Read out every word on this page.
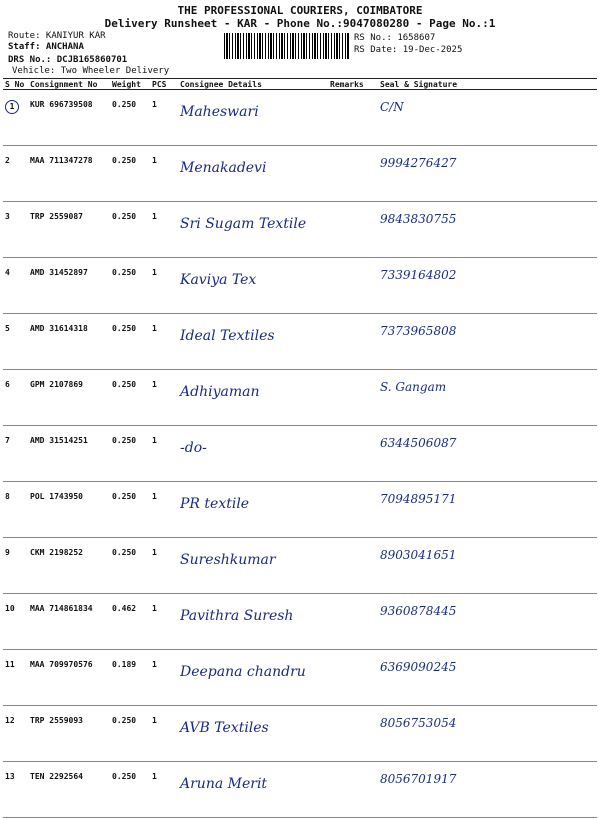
THE PROFESSIONAL COURIERS, COIMBATORE
Delivery Runsheet - KAR - Phone No.:9047080280 - Page No.:1
Route: KANIYUR KAR
Staff: ANCHANA
DRS No.: DCJB165860701
Vehicle: Two Wheeler Delivery
RS No.: 1658607
RS Date: 19-Dec-2025
S No	Consignment No	Weight	PCS	Consignee Details	Remarks	Seal & Signature
1	KUR 696739508	0.250	1	Maheswari		C/N
2	MAA 711347278	0.250	1	Menakadevi		9994276427
3	TRP 2559087	0.250	1	Sri Sugam Textile		9843830755
4	AMD 31452897	0.250	1	Kaviya Tex		7339164802
5	AMD 31614318	0.250	1	Ideal Textiles		7373965808
6	GPM 2107869	0.250	1	Adhiyaman		S. Gangam
7	AMD 31514251	0.250	1	-do-		6344506087
8	POL 1743950	0.250	1	PR textile		7094895171
9	CKM 2198252	0.250	1	Sureshkumar		8903041651
10	MAA 714861834	0.462	1	Pavithra Suresh		9360878445
11	MAA 709970576	0.189	1	Deepana chandru		6369090245
12	TRP 2559093	0.250	1	AVB Textiles		8056753054
13	TEN 2292564	0.250	1	Aruna Merit		8056701917
